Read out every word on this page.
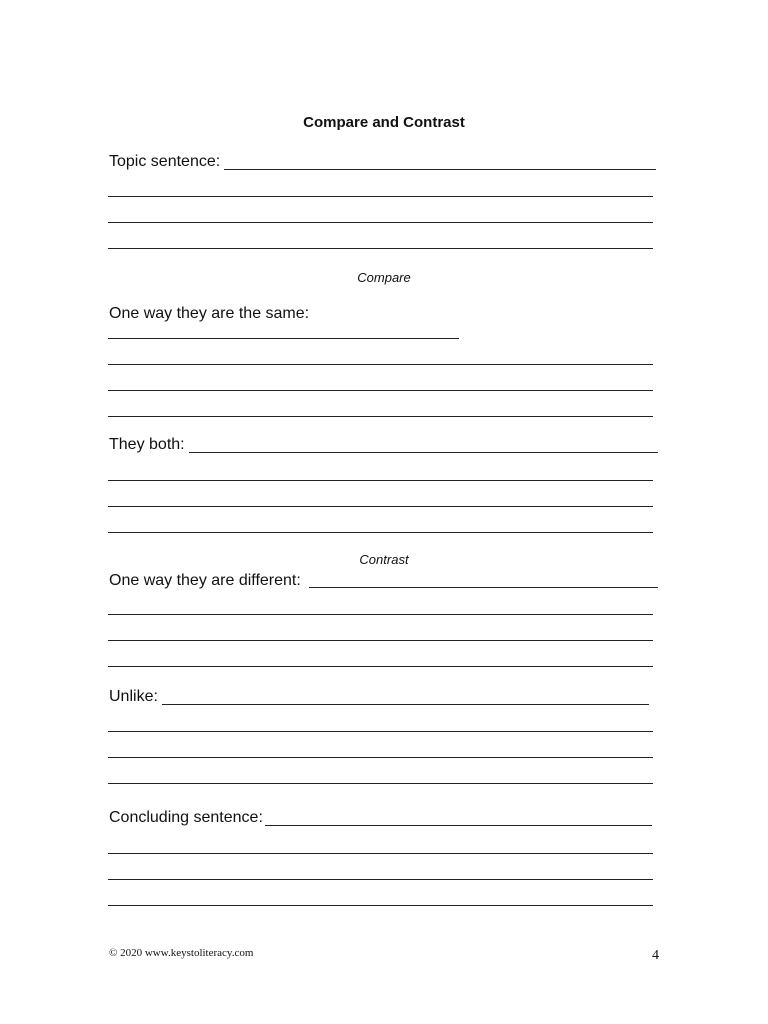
Compare and Contrast
Topic sentence:
Compare
One way they are the same:
They both:
Contrast
One way they are different:
Unlike:
Concluding sentence:
© 2020 www.keystoliteracy.com	4
